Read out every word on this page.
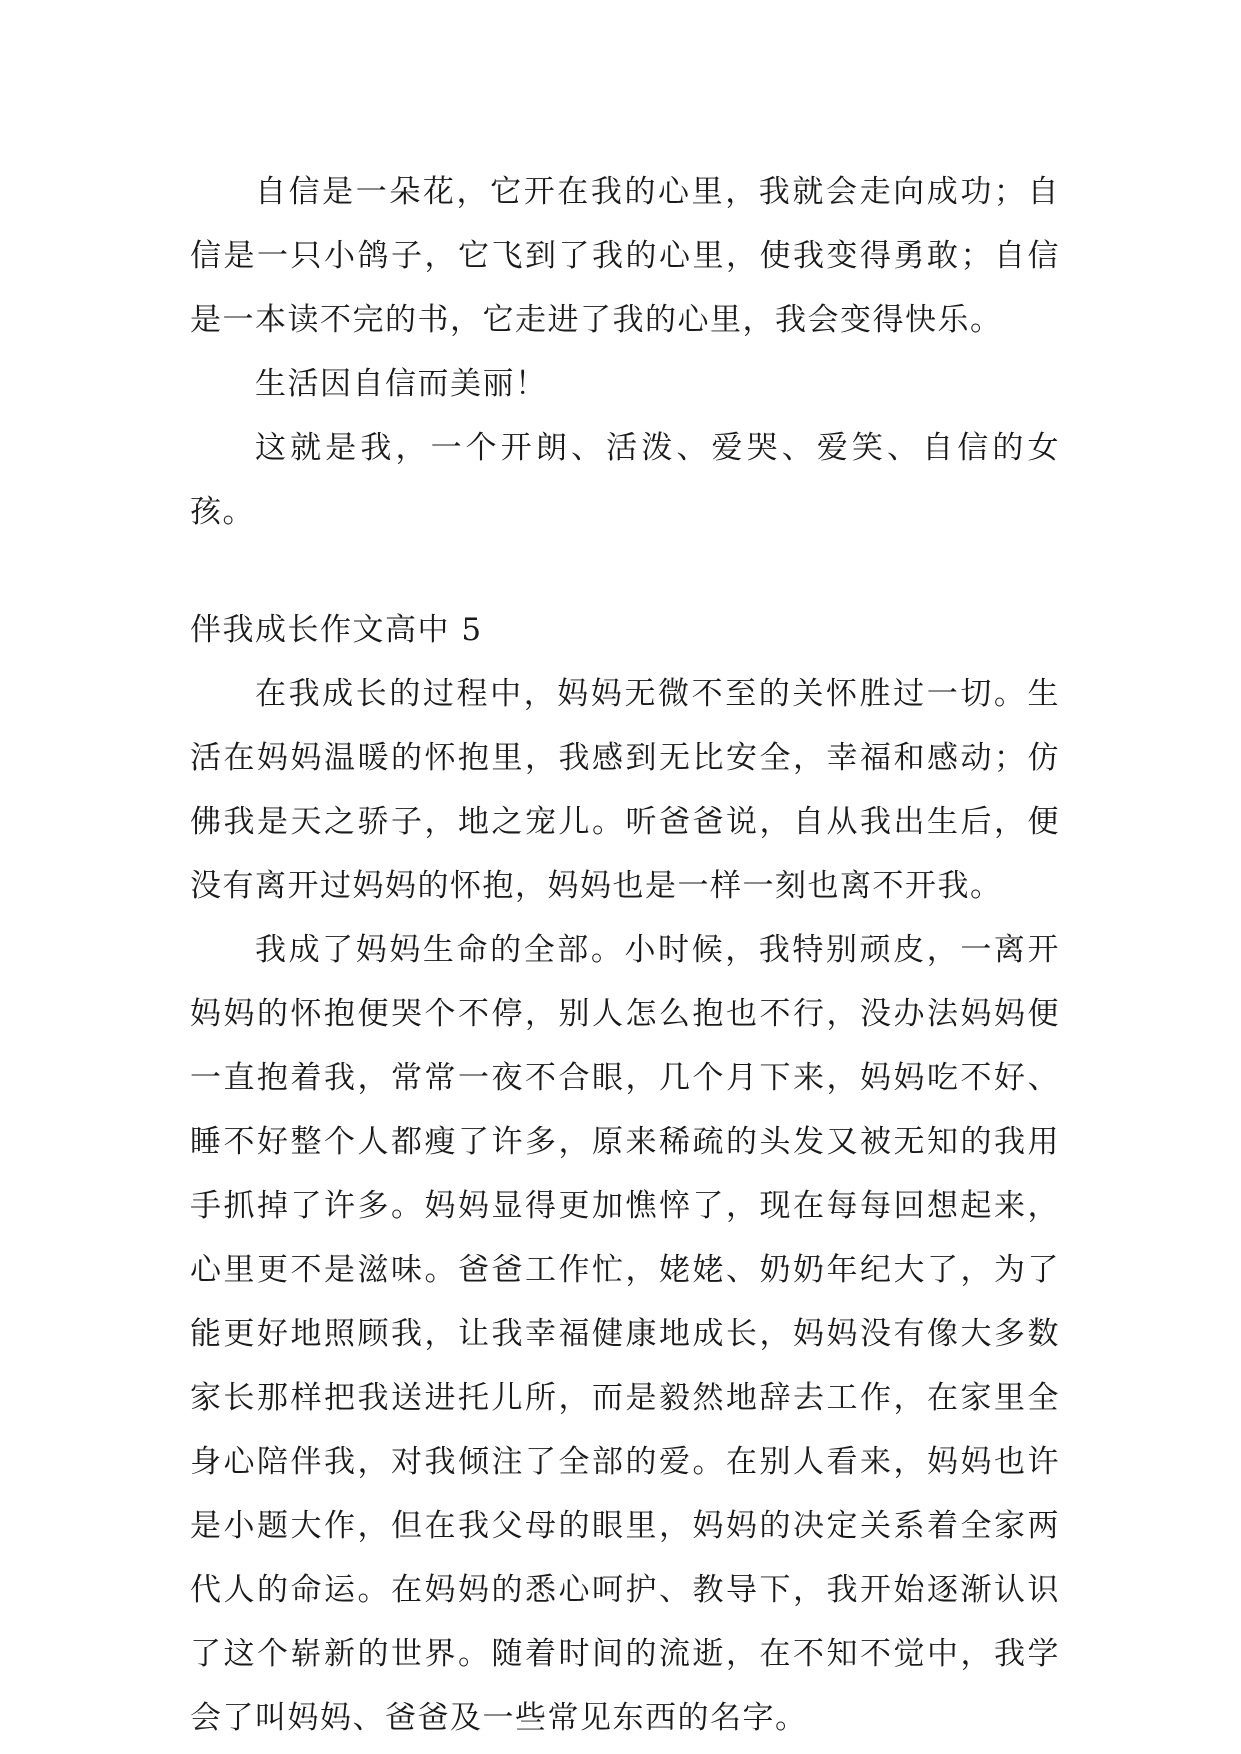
自信是一朵花，它开在我的心里，我就会走向成功；自信是一只小鸽子，它飞到了我的心里，使我变得勇敢；自信是一本读不完的书，它走进了我的心里，我会变得快乐。

生活因自信而美丽！

这就是我，一个开朗、活泼、爱哭、爱笑、自信的女孩。

伴我成长作文高中 5

在我成长的过程中，妈妈无微不至的关怀胜过一切。生活在妈妈温暖的怀抱里，我感到无比安全，幸福和感动；仿佛我是天之骄子，地之宠儿。听爸爸说，自从我出生后，便没有离开过妈妈的怀抱，妈妈也是一样一刻也离不开我。

我成了妈妈生命的全部。小时候，我特别顽皮，一离开妈妈的怀抱便哭个不停，别人怎么抱也不行，没办法妈妈便一直抱着我，常常一夜不合眼，几个月下来，妈妈吃不好、睡不好整个人都瘦了许多，原来稀疏的头发又被无知的我用手抓掉了许多。妈妈显得更加憔悴了，现在每每回想起来，心里更不是滋味。爸爸工作忙，姥姥、奶奶年纪大了，为了能更好地照顾我，让我幸福健康地成长，妈妈没有像大多数家长那样把我送进托儿所，而是毅然地辞去工作，在家里全身心陪伴我，对我倾注了全部的爱。在别人看来，妈妈也许是小题大作，但在我父母的眼里，妈妈的决定关系着全家两代人的命运。在妈妈的悉心呵护、教导下，我开始逐渐认识了这个崭新的世界。随着时间的流逝，在不知不觉中，我学会了叫妈妈、爸爸及一些常见东西的名字。
